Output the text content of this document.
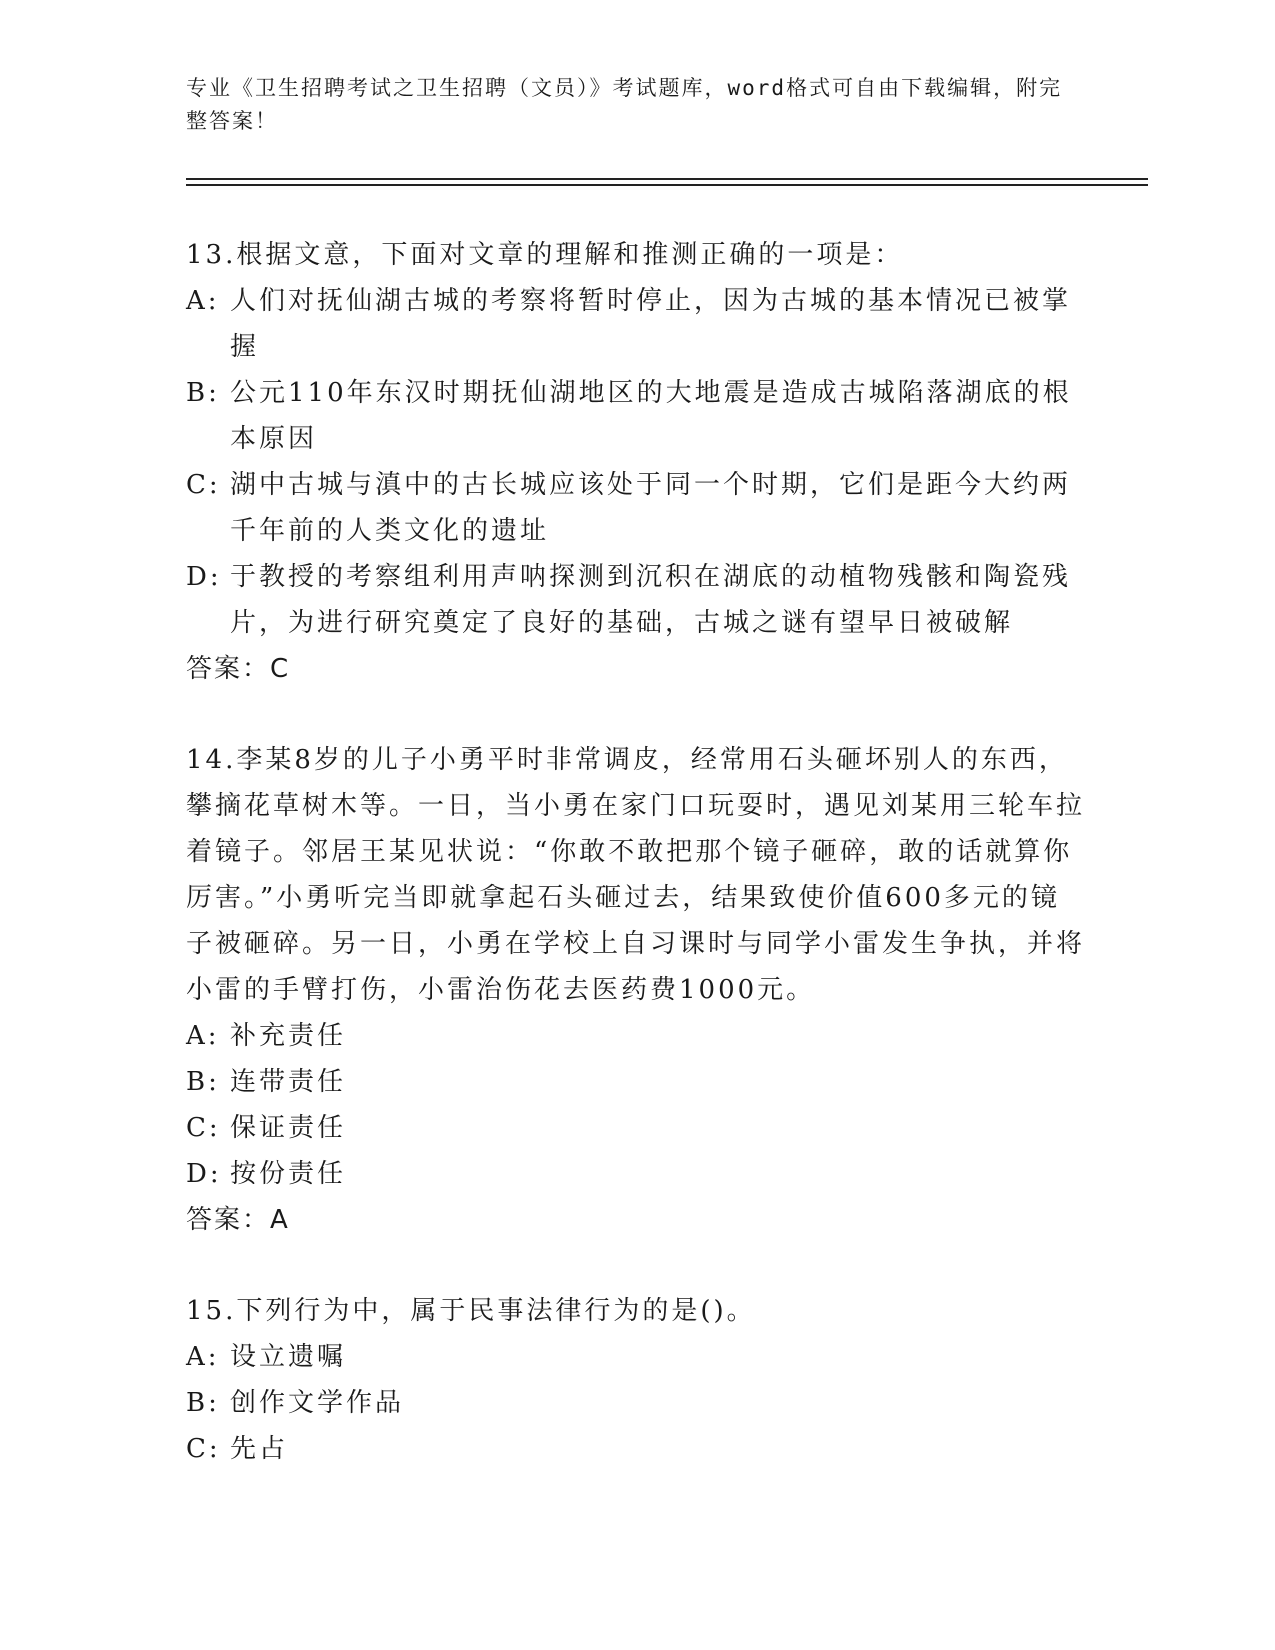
专业《卫生招聘考试之卫生招聘（文员）》考试题库，word格式可自由下载编辑，附完整答案！

13.根据文意，下面对文章的理解和推测正确的一项是：

A: 人们对抚仙湖古城的考察将暂时停止，因为古城的基本情况已被掌握
B: 公元110年东汉时期抚仙湖地区的大地震是造成古城陷落湖底的根本原因
C: 湖中古城与滇中的古长城应该处于同一个时期，它们是距今大约两千年前的人类文化的遗址
D: 于教授的考察组利用声呐探测到沉积在湖底的动植物残骸和陶瓷残片，为进行研究奠定了良好的基础，古城之谜有望早日被破解

答案：C

14.李某8岁的儿子小勇平时非常调皮，经常用石头砸坏别人的东西，攀摘花草树木等。一日，当小勇在家门口玩耍时，遇见刘某用三轮车拉着镜子。邻居王某见状说：“你敢不敢把那个镜子砸碎，敢的话就算你厉害。”小勇听完当即就拿起石头砸过去，结果致使价值600多元的镜子被砸碎。另一日，小勇在学校上自习课时与同学小雷发生争执，并将小雷的手臂打伤，小雷治伤花去医药费1000元。

A: 补充责任
B: 连带责任
C: 保证责任
D: 按份责任

答案：A

15.下列行为中，属于民事法律行为的是()。

A: 设立遗嘱
B: 创作文学作品
C: 先占
